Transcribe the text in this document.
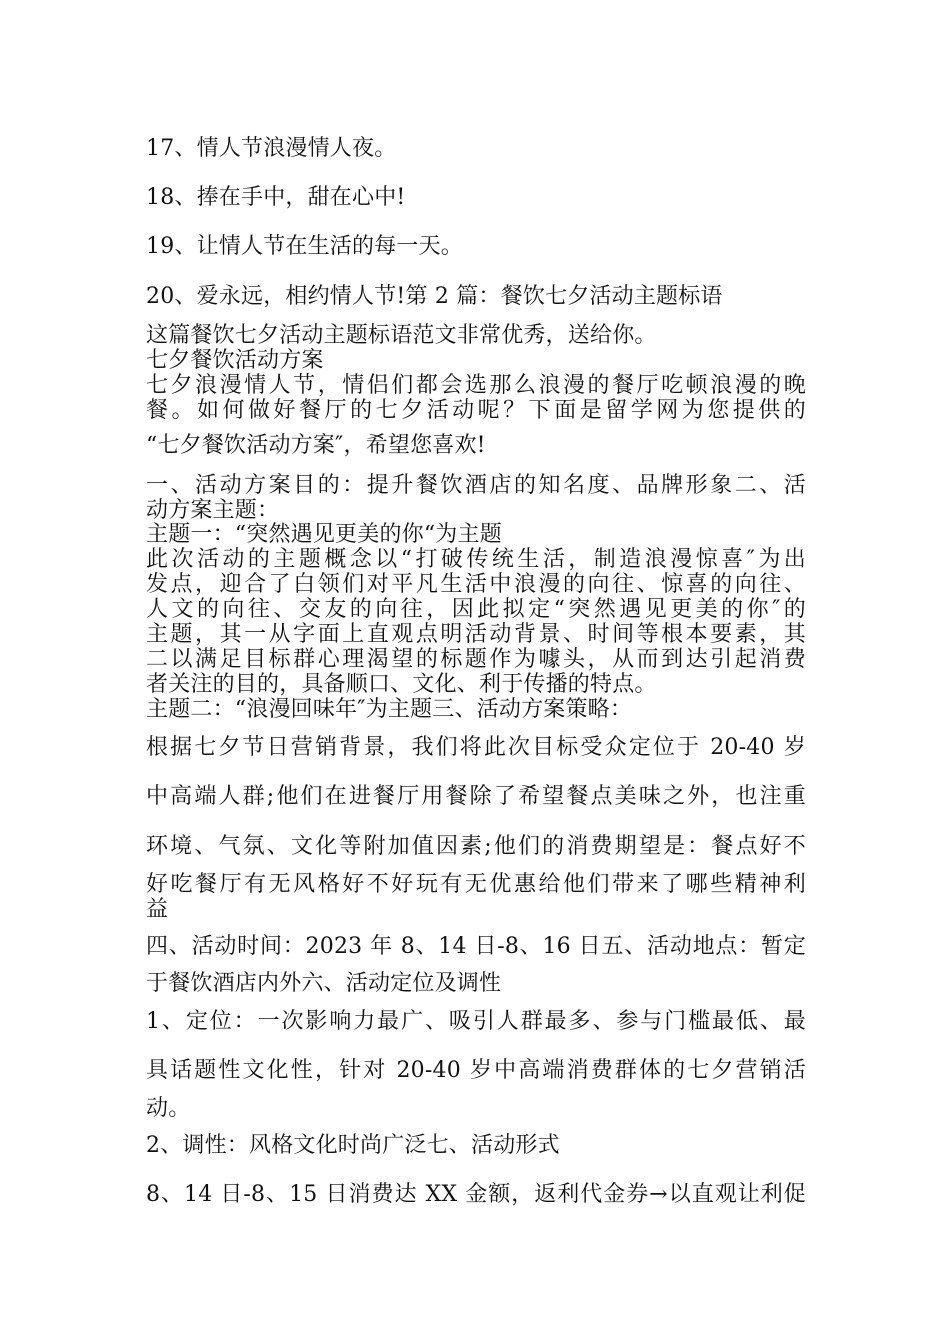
17、情人节浪漫情人夜。
18、捧在手中，甜在心中!
19、让情人节在生活的每一天。
20、爱永远，相约情人节!第 2 篇：餐饮七夕活动主题标语
这篇餐饮七夕活动主题标语范文非常优秀，送给你。
七夕餐饮活动方案
七夕浪漫情人节，情侣们都会选那么浪漫的餐厅吃顿浪漫的晚
餐。如何做好餐厅的七夕活动呢？下面是留学网为您提供的
“七夕餐饮活动方案″，希望您喜欢!
一、活动方案目的：提升餐饮酒店的知名度、品牌形象二、活
动方案主题：
主题一：“突然遇见更美的你“为主题
此次活动的主题概念以“打破传统生活，制造浪漫惊喜″为出
发点，迎合了白领们对平凡生活中浪漫的向往、惊喜的向往、
人文的向往、交友的向往，因此拟定“突然遇见更美的你″的
主题，其一从字面上直观点明活动背景、时间等根本要素，其
二以满足目标群心理渴望的标题作为噱头，从而到达引起消费
者关注的目的，具备顺口、文化、利于传播的特点。
主题二：“浪漫回味年″为主题三、活动方案策略：
根据七夕节日营销背景，我们将此次目标受众定位于 20-40 岁
中高端人群;他们在进餐厅用餐除了希望餐点美味之外，也注重
环境、气氛、文化等附加值因素;他们的消费期望是：餐点好不
好吃餐厅有无风格好不好玩有无优惠给他们带来了哪些精神利
益
四、活动时间：2023 年 8、14 日-8、16 日五、活动地点：暂定
于餐饮酒店内外六、活动定位及调性
1、定位：一次影响力最广、吸引人群最多、参与门槛最低、最
具话题性文化性，针对 20-40 岁中高端消费群体的七夕营销活
动。
2、调性：风格文化时尚广泛七、活动形式
8、14 日-8、15 日消费达 XX 金额，返利代金券→以直观让利促
